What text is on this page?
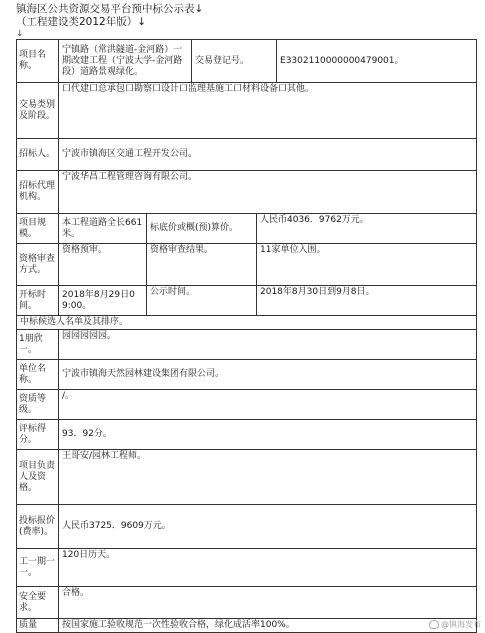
镇海区公共资源交易平台预中标公示表↓
（工程建设类2012年版）↓
↓
项目名称。	宁镇路（常洪隧道-金河路）一期改建工程（宁波大学-金河路段）道路景观绿化。		交易登记号。		E3302110000000479001。
交易类别及阶段。	口代建口总承包口勘察口设计口监理基施工口材料设备口其他。				
招标人。	宁波市镇海区交通工程开发公司。				
招标代理机构。	宁波华昌工程管理咨询有限公司。				
项目规模。	本工程道路全长661米。	标底价或概(预)算价。		人民币4036．9762万元。	
资格审查方式。	资格预审。	资格审查结果。		11家单位入围。	
开标时间。	2018年8月29日09:00。	公示时间。		2018年8月30日到9月8日。	
中标候选人名单及其排序。					
1朋欣一。	园园园园园。				
单位名称。	宁波市镇海天然园林建设集团有限公司。				
资质等级。	/。				
评标得分。	93．92分。				
项目负责人及资格。	王哥安/园林工程师。				
投标报价(费率)。	人民币3725．9609万元。				
工一期一一。	120日历天。				
安全要求。	合格。				
质量	按国家施工验收规范一次性验收合格，绿化成活率100%。					@镇海发布
